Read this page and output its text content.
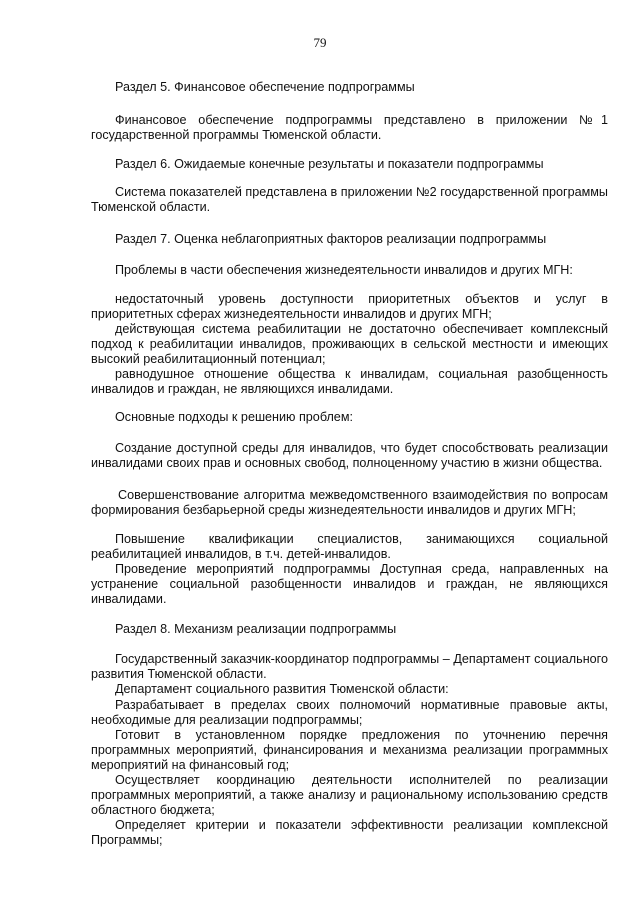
79

Раздел 5. Финансовое обеспечение подпрограммы

Финансовое обеспечение подпрограммы представлено в приложении №1 государственной программы Тюменской области.

Раздел 6. Ожидаемые конечные результаты и показатели подпрограммы

Система показателей представлена в приложении №2 государственной программы Тюменской области.

Раздел 7. Оценка неблагоприятных факторов реализации подпрограммы

Проблемы в части обеспечения жизнедеятельности инвалидов и других МГН:

недостаточный уровень доступности приоритетных объектов и услуг в приоритетных сферах жизнедеятельности инвалидов и других МГН;

действующая система реабилитации не достаточно обеспечивает комплексный подход к реабилитации инвалидов, проживающих в сельской местности и имеющих высокий реабилитационный потенциал;

равнодушное отношение общества к инвалидам, социальная разобщенность инвалидов и граждан, не являющихся инвалидами.

Основные подходы к решению проблем:

Создание доступной среды для инвалидов, что будет способствовать реализации инвалидами своих прав и основных свобод, полноценному участию в жизни общества.

Совершенствование алгоритма межведомственного взаимодействия по вопросам формирования безбарьерной среды жизнедеятельности инвалидов и других МГН;

Повышение квалификации специалистов, занимающихся социальной реабилитацией инвалидов, в т.ч. детей-инвалидов.

Проведение мероприятий подпрограммы Доступная среда, направленных на устранение социальной разобщенности инвалидов и граждан, не являющихся инвалидами.

Раздел 8. Механизм реализации подпрограммы

Государственный заказчик-координатор подпрограммы – Департамент социального развития Тюменской области.

Департамент социального развития Тюменской области:

Разрабатывает в пределах своих полномочий нормативные правовые акты, необходимые для реализации подпрограммы;

Готовит в установленном порядке предложения по уточнению перечня программных мероприятий, финансирования и механизма реализации программных мероприятий на финансовый год;

Осуществляет координацию деятельности исполнителей по реализации программных мероприятий, а также анализу и рациональному использованию средств областного бюджета;

Определяет критерии и показатели эффективности реализации комплексной Программы;
